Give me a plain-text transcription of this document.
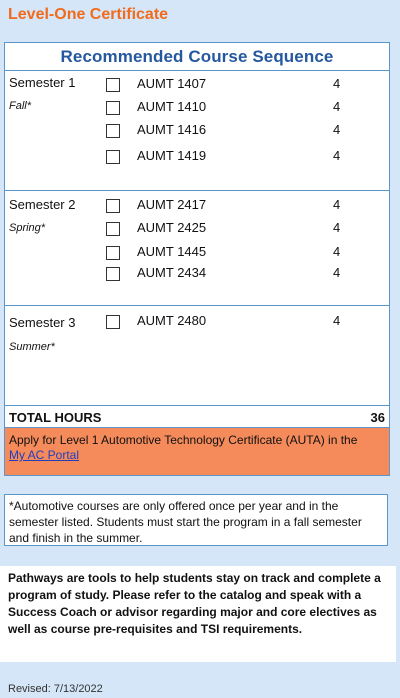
Level-One Certificate
Recommended Course Sequence
Semester 1
Fall*
AUMT 1407	4
AUMT 1410	4
AUMT 1416	4
AUMT 1419	4
Semester 2
Spring*
AUMT 2417	4
AUMT 2425	4
AUMT 1445	4
AUMT 2434	4
Semester 3
Summer*
AUMT 2480	4
TOTAL HOURS	36
Apply for Level 1 Automotive Technology Certificate (AUTA) in the
My AC Portal
*Automotive courses are only offered once per year and in the semester listed. Students must start the program in a fall semester and finish in the summer.
Pathways are tools to help students stay on track and complete a program of study. Please refer to the catalog and speak with a Success Coach or advisor regarding major and core electives as well as course pre-requisites and TSI requirements.
Revised: 7/13/2022
